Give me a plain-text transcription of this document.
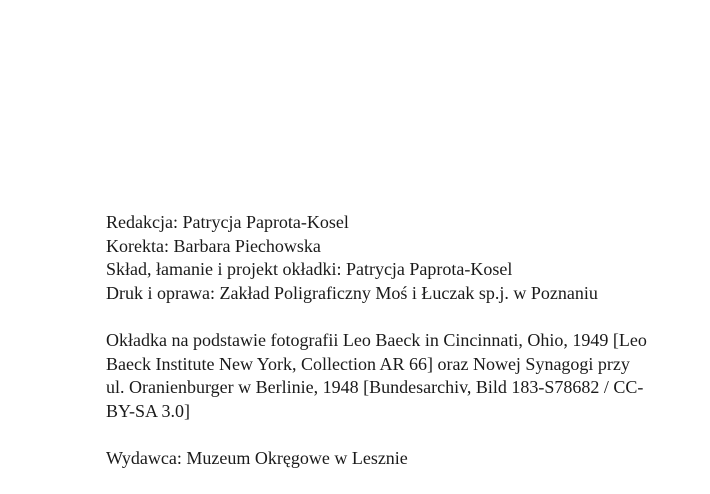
Redakcja: Patrycja Paprota-Kosel
Korekta: Barbara Piechowska
Skład, łamanie i projekt okładki: Patrycja Paprota-Kosel
Druk i oprawa: Zakład Poligraficzny Moś i Łuczak sp.j. w Poznaniu
Okładka na podstawie fotografii Leo Baeck in Cincinnati, Ohio, 1949 [Leo
Baeck Institute New York, Collection AR 66] oraz Nowej Synagogi przy
ul. Oranienburger w Berlinie, 1948 [Bundesarchiv, Bild 183-S78682 / CC-
BY-SA 3.0]
Wydawca: Muzeum Okręgowe w Lesznie
